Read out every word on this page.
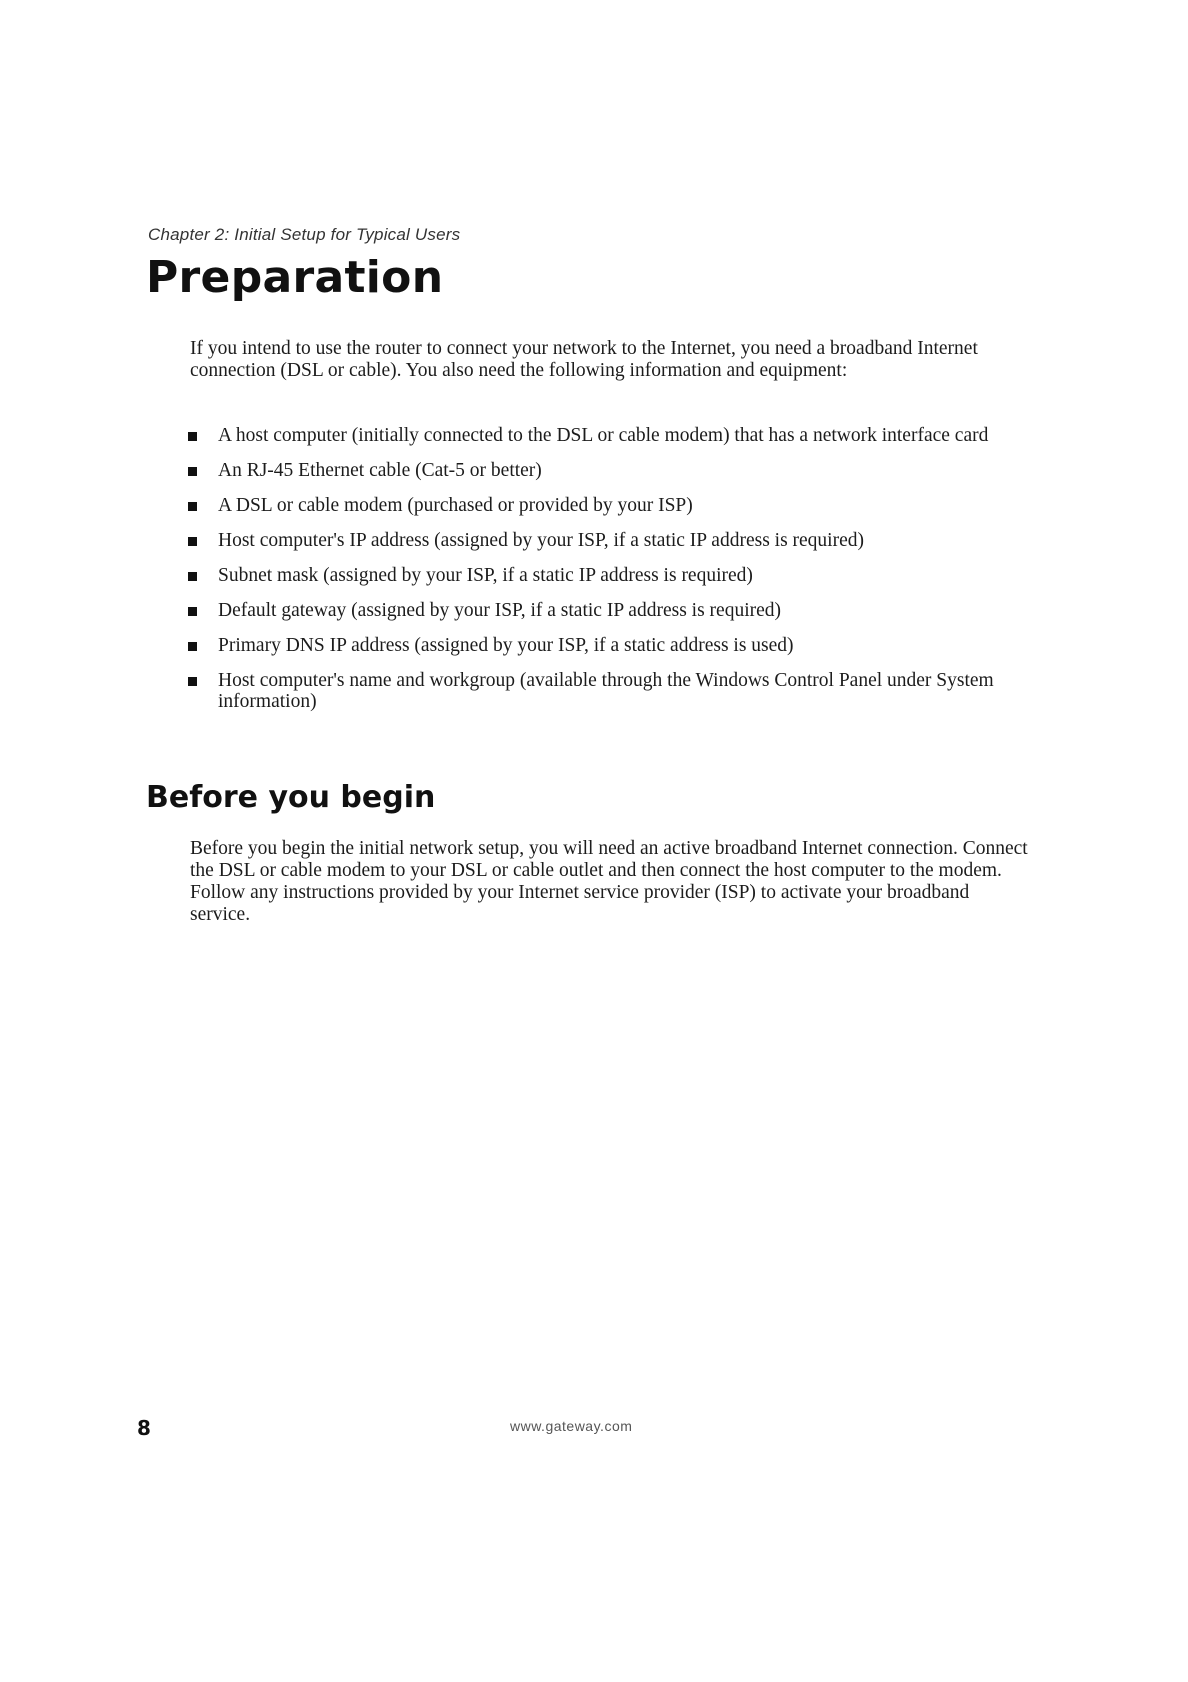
Chapter 2: Initial Setup for Typical Users
Preparation

If you intend to use the router to connect your network to the Internet, you need a broadband Internet connection (DSL or cable). You also need the following information and equipment:

A host computer (initially connected to the DSL or cable modem) that has a network interface card
An RJ-45 Ethernet cable (Cat-5 or better)
A DSL or cable modem (purchased or provided by your ISP)
Host computer's IP address (assigned by your ISP, if a static IP address is required)
Subnet mask (assigned by your ISP, if a static IP address is required)
Default gateway (assigned by your ISP, if a static IP address is required)
Primary DNS IP address (assigned by your ISP, if a static address is used)
Host computer's name and workgroup (available through the Windows Control Panel under System information)
Before you begin

Before you begin the initial network setup, you will need an active broadband Internet connection. Connect the DSL or cable modem to your DSL or cable outlet and then connect the host computer to the modem. Follow any instructions provided by your Internet service provider (ISP) to activate your broadband service.

8	www.gateway.com
